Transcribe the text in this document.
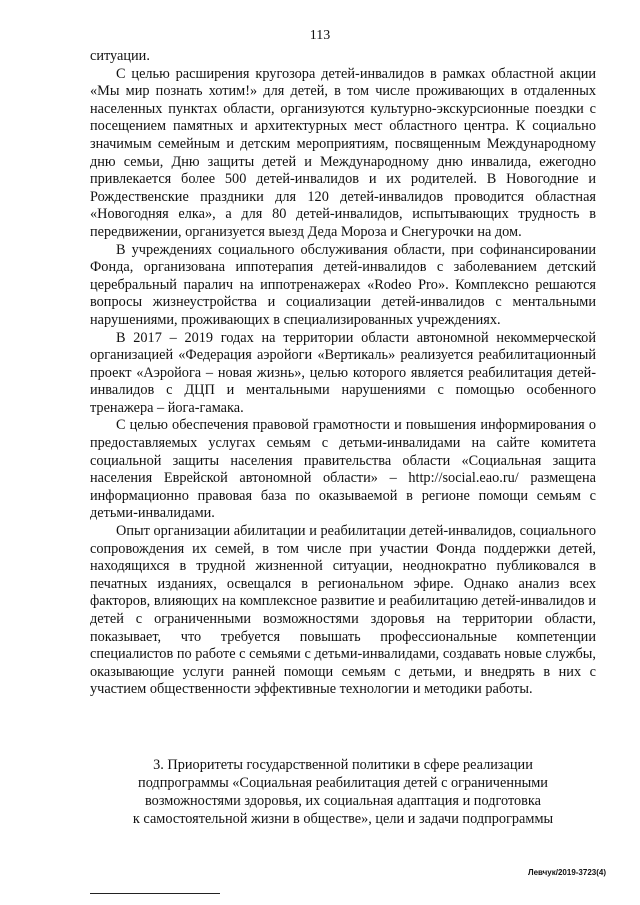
113

ситуации.

С целью расширения кругозора детей-инвалидов в рамках областной акции «Мы мир познать хотим!» для детей, в том числе проживающих в отдаленных населенных пунктах области, организуются культурно-экскурсионные поездки с посещением памятных и архитектурных мест областного центра. К социально значимым семейным и детским мероприятиям, посвященным Международному дню семьи, Дню защиты детей и Международному дню инвалида, ежегодно привлекается более 500 детей-инвалидов и их родителей. В Новогодние и Рождественские праздники для 120 детей-инвалидов проводится областная «Новогодняя елка», а для 80 детей-инвалидов, испытывающих трудность в передвижении, организуется выезд Деда Мороза и Снегурочки на дом.

В учреждениях социального обслуживания области, при софинансировании Фонда, организована иппотерапия детей-инвалидов с заболеванием детский церебральный паралич на иппотренажерах «Rodeo Pro». Комплексно решаются вопросы жизнеустройства и социализации детей-инвалидов с ментальными нарушениями, проживающих в специализированных учреждениях.

В 2017 – 2019 годах на территории области автономной некоммерческой организацией «Федерация аэройоги «Вертикаль» реализуется реабилитационный проект «Аэройога – новая жизнь», целью которого является реабилитация детей-инвалидов с ДЦП и ментальными нарушениями с помощью особенного тренажера – йога-гамака.

С целью обеспечения правовой грамотности и повышения информирования о предоставляемых услугах семьям с детьми-инвалидами на сайте комитета социальной защиты населения правительства области «Социальная защита населения Еврейской автономной области» – http://social.eao.ru/ размещена информационно правовая база по оказываемой в регионе помощи семьям с детьми-инвалидами.

Опыт организации абилитации и реабилитации детей-инвалидов, социального сопровождения их семей, в том числе при участии Фонда поддержки детей, находящихся в трудной жизненной ситуации, неоднократно публиковался в печатных изданиях, освещался в региональном эфире. Однако анализ всех факторов, влияющих на комплексное развитие и реабилитацию детей-инвалидов и детей с ограниченными возможностями здоровья на территории области, показывает, что требуется повышать профессиональные компетенции специалистов по работе с семьями с детьми-инвалидами, создавать новые службы, оказывающие услуги ранней помощи семьям с детьми, и внедрять в них с участием общественности эффективные технологии и методики работы.

3. Приоритеты государственной политики в сфере реализации
подпрограммы «Социальная реабилитация детей с ограниченными
возможностями здоровья, их социальная адаптация и подготовка
к самостоятельной жизни в обществе», цели и задачи подпрограммы
Левчук/2019-3723(4)
